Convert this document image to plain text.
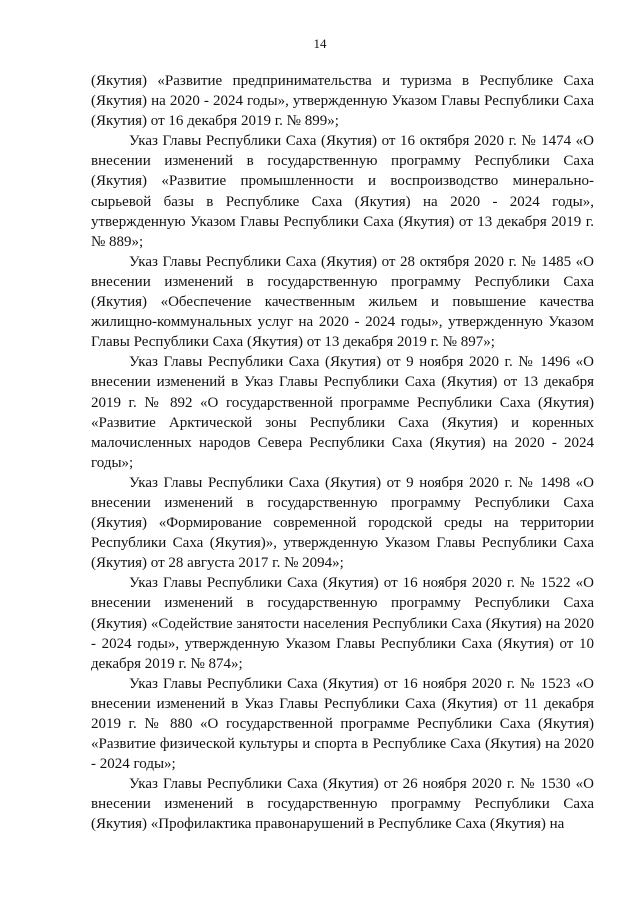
14

(Якутия) «Развитие предпринимательства и туризма в Республике Саха (Якутия) на 2020 - 2024 годы», утвержденную Указом Главы Республики Саха (Якутия) от 16 декабря 2019 г. № 899»;

Указ Главы Республики Саха (Якутия) от 16 октября 2020 г. № 1474 «О внесении изменений в государственную программу Республики Саха (Якутия) «Развитие промышленности и воспроизводство минерально-сырьевой базы в Республике Саха (Якутия) на 2020 - 2024 годы», утвержденную Указом Главы Республики Саха (Якутия) от 13 декабря 2019 г. № 889»;

Указ Главы Республики Саха (Якутия) от 28 октября 2020 г. № 1485 «О внесении изменений в государственную программу Республики Саха (Якутия) «Обеспечение качественным жильем и повышение качества жилищно-коммунальных услуг на 2020 - 2024 годы», утвержденную Указом Главы Республики Саха (Якутия) от 13 декабря 2019 г. № 897»;

Указ Главы Республики Саха (Якутия) от 9 ноября 2020 г. № 1496 «О внесении изменений в Указ Главы Республики Саха (Якутия) от 13 декабря 2019 г. № 892 «О государственной программе Республики Саха (Якутия) «Развитие Арктической зоны Республики Саха (Якутия) и коренных малочисленных народов Севера Республики Саха (Якутия) на 2020 - 2024 годы»;

Указ Главы Республики Саха (Якутия) от 9 ноября 2020 г. № 1498 «О внесении изменений в государственную программу Республики Саха (Якутия) «Формирование современной городской среды на территории Республики Саха (Якутия)», утвержденную Указом Главы Республики Саха (Якутия) от 28 августа 2017 г. № 2094»;

Указ Главы Республики Саха (Якутия) от 16 ноября 2020 г. № 1522 «О внесении изменений в государственную программу Республики Саха (Якутия) «Содействие занятости населения Республики Саха (Якутия) на 2020 - 2024 годы», утвержденную Указом Главы Республики Саха (Якутия) от 10 декабря 2019 г. № 874»;

Указ Главы Республики Саха (Якутия) от 16 ноября 2020 г. № 1523 «О внесении изменений в Указ Главы Республики Саха (Якутия) от 11 декабря 2019 г. № 880 «О государственной программе Республики Саха (Якутия) «Развитие физической культуры и спорта в Республике Саха (Якутия) на 2020 - 2024 годы»;

Указ Главы Республики Саха (Якутия) от 26 ноября 2020 г. № 1530 «О внесении изменений в государственную программу Республики Саха (Якутия) «Профилактика правонарушений в Республике Саха (Якутия) на
